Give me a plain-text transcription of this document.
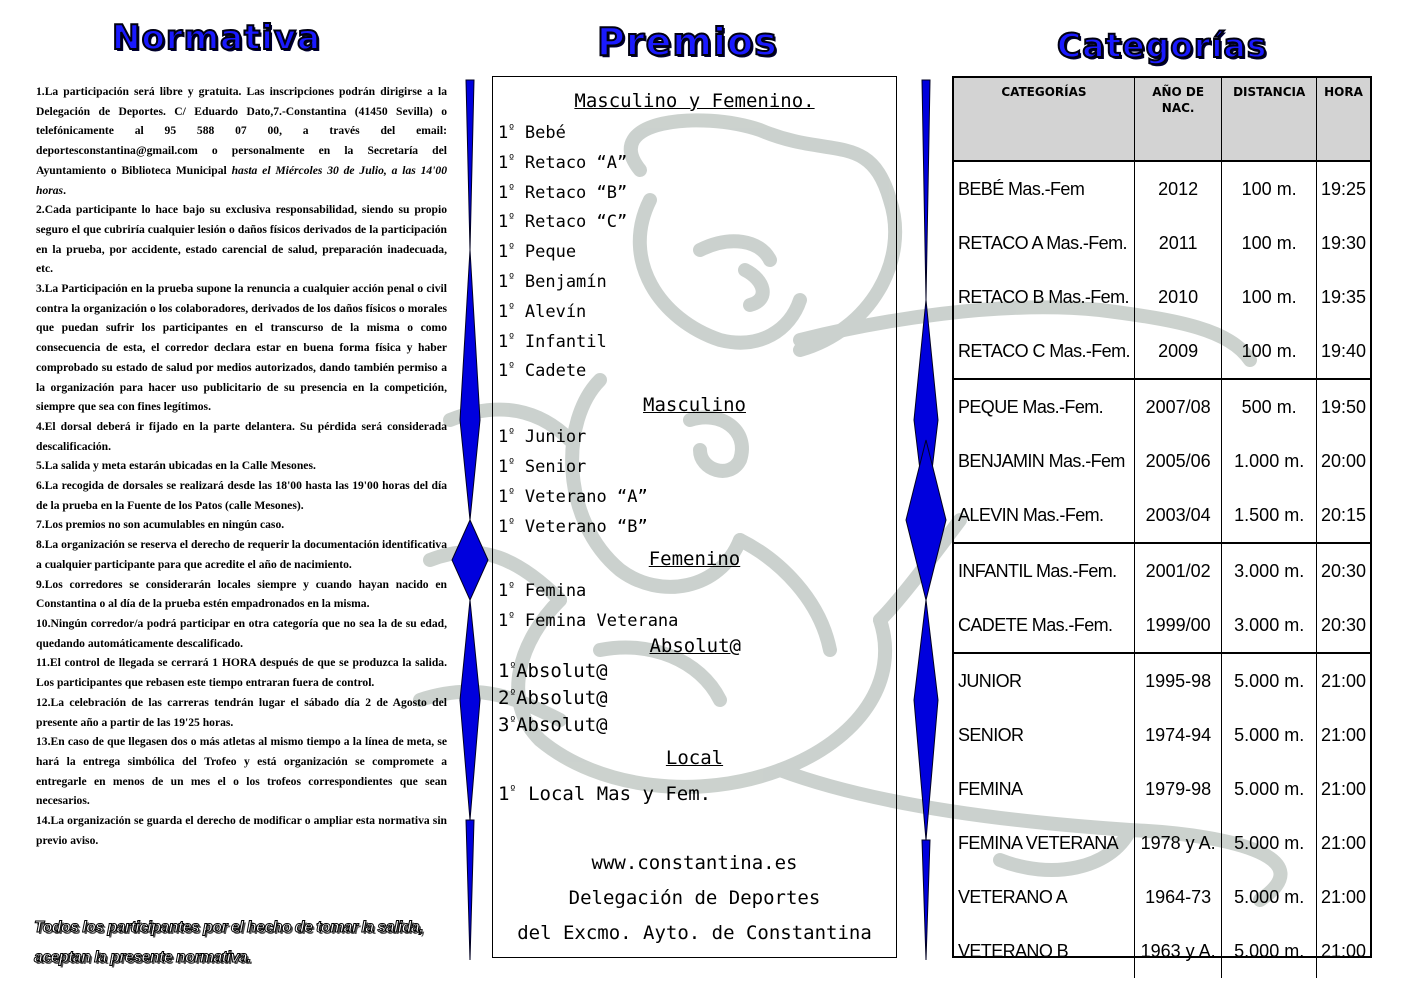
Normativa	Premios	Categorías

1.La participación será libre y gratuita. Las inscripciones podrán dirigirse a la Delegación de Deportes. C/ Eduardo Dato,7.-Constantina (41450 Sevilla) o telefónicamente al 95 588 07 00, a través del email: deportesconstantina@gmail.com o personalmente en la Secretaría del Ayuntamiento o Biblioteca Municipal hasta el Miércoles 30 de Julio, a las 14'00 horas.

2.Cada participante lo hace bajo su exclusiva responsabilidad, siendo su propio seguro el que cubriría cualquier lesión o daños físicos derivados de la participación en la prueba, por accidente, estado carencial de salud, preparación inadecuada, etc.

3.La Participación en la prueba supone la renuncia a cualquier acción penal o civil contra la organización o los colaboradores, derivados de los daños físicos o morales que puedan sufrir los participantes en el transcurso de la misma o como consecuencia de esta, el corredor declara estar en buena forma física y haber comprobado su estado de salud por medios autorizados, dando también permiso a la organización para hacer uso publicitario de su presencia en la competición, siempre que sea con fines legítimos.

4.El dorsal deberá ir fijado en la parte delantera. Su pérdida será considerada descalificación.

5.La salida y meta estarán ubicadas en la Calle Mesones.

6.La recogida de dorsales se realizará desde las 18'00 hasta las 19'00 horas del día de la prueba en la Fuente de los Patos (calle Mesones).

7.Los premios no son acumulables en ningún caso.

8.La organización se reserva el derecho de requerir la documentación identificativa a cualquier participante para que acredite el año de nacimiento.

9.Los corredores se considerarán locales siempre y cuando hayan nacido en Constantina o al día de la prueba estén empadronados en la misma.

10.Ningún corredor/a podrá participar en otra categoría que no sea la de su edad, quedando automáticamente descalificado.

11.El control de llegada se cerrará 1 HORA después de que se produzca la salida. Los participantes que rebasen este tiempo entraran fuera de control.

12.La celebración de las carreras tendrán lugar el sábado día 2 de Agosto del presente año a partir de las 19'25 horas.

13.En caso de que llegasen dos o más atletas al mismo tiempo a la línea de meta, se hará la entrega simbólica del Trofeo y está organización se compromete a entregarle en menos de un mes el o los trofeos correspondientes que sean necesarios.

14.La organización se guarda el derecho de modificar o ampliar esta normativa sin previo aviso.

Todos los participantes por el hecho de tomar la salida,
aceptan la presente normativa.
Masculino y Femenino.
Masculino
Femenino
Absolut@
Local
$1^º$ Local Mas y Fem.
www.constantina.es
Delegación de Deportes
del Excmo. Ayto. de Constantina
$1^º$ Bebé
$1^º$ Retaco “A”
$1^º$ Retaco “B”
$1^º$ Retaco “C”
$1^º$ Peque
$1^º$ Benjamín
$1^º$ Alevín
$1^º$ Infantil
$1^º$ Cadete
$1^º$ Junior
$1^º$ Senior
$1^º$ Veterano “A”
$1^º$ Veterano “B”
$1^º$ Femina
$1^º$ Femina Veterana
$1^ºAbsolut@$
$2^ºAbsolut@$
$3^ºAbsolut@$
CATEGORÍAS	AÑO DE NAC.	DISTANCIA	HORA
BEBÉ Mas.-Fem	2012	100 m.	19:25
RETACO A Mas.-Fem.	2011	100 m.	19:30
RETACO B Mas.-Fem.	2010	100 m.	19:35
RETACO C Mas.-Fem.	2009	100 m.	19:40
PEQUE Mas.-Fem.	2007/08	500 m.	19:50
BENJAMIN Mas.-Fem	2005/06	1.000 m.	20:00
ALEVIN Mas.-Fem.	2003/04	1.500 m.	20:15
INFANTIL Mas.-Fem.	2001/02	3.000 m.	20:30
CADETE Mas.-Fem.	1999/00	3.000 m.	20:30
JUNIOR	1995-98	5.000 m.	21:00
SENIOR	1974-94	5.000 m.	21:00
FEMINA	1979-98	5.000 m.	21:00
FEMINA VETERANA	1978 y A.	5.000 m.	21:00
VETERANO A	1964-73	5.000 m.	21:00
VETERANO B	1963 y A.	5.000 m.	21:00
